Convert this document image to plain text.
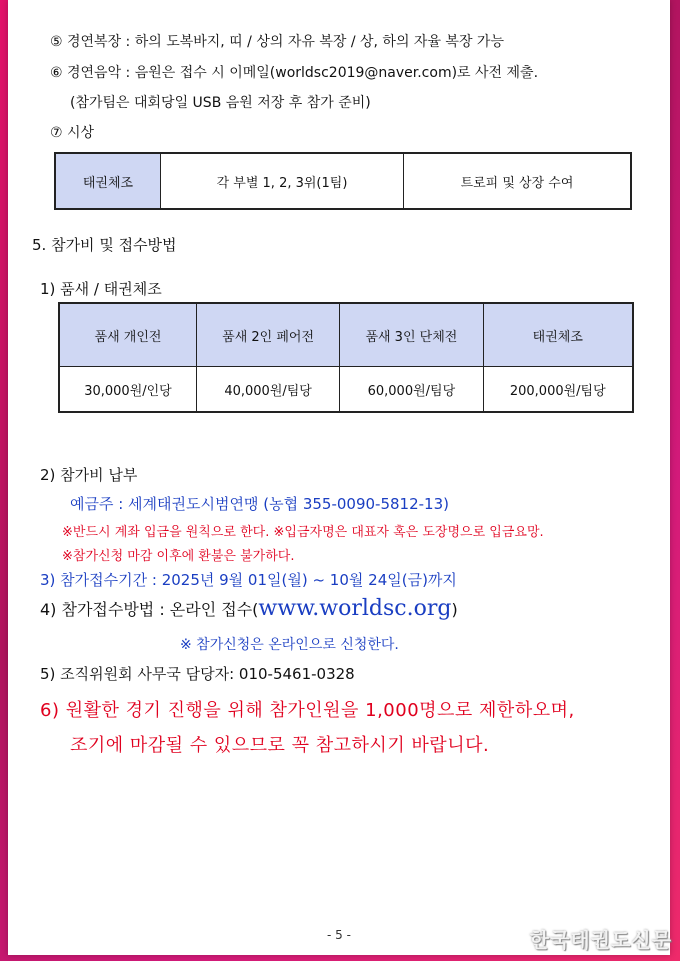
⑤ 경연복장 : 하의 도복바지, 띠 / 상의 자유 복장 / 상, 하의 자율 복장 가능
⑥ 경연음악 : 음원은 접수 시 이메일(worldsc2019@naver.com)로 사전 제출.
(참가팀은 대회당일 USB 음원 저장 후 참가 준비)
⑦ 시상
태권체조	각 부별 1, 2, 3위(1팀)	트로피 및 상장 수여
5. 참가비 및 접수방법
1) 품새 / 태권체조
품새 개인전	품새 2인 페어전	품새 3인 단체전	태권체조
30,000원/인당	40,000원/팀당	60,000원/팀당	200,000원/팀당
2) 참가비 납부
예금주 : 세계태권도시범연맹 (농협 355-0090-5812-13)
※반드시 계좌 입금을 원칙으로 한다. ※입금자명은 대표자 혹은 도장명으로 입금요망.
※참가신청 마감 이후에 환불은 불가하다.
3) 참가접수기간 : 2025년 9월 01일(월) ~ 10월 24일(금)까지
4) 참가접수방법 : 온라인 접수(www.worldsc.org)
※ 참가신청은 온라인으로 신청한다.
5) 조직위원회 사무국 담당자: 010-5461-0328
6) 원활한 경기 진행을 위해 참가인원을 1,000명으로 제한하오며,
조기에 마감될 수 있으므로 꼭 참고하시기 바랍니다.
- 5 -	한국태권도신문
